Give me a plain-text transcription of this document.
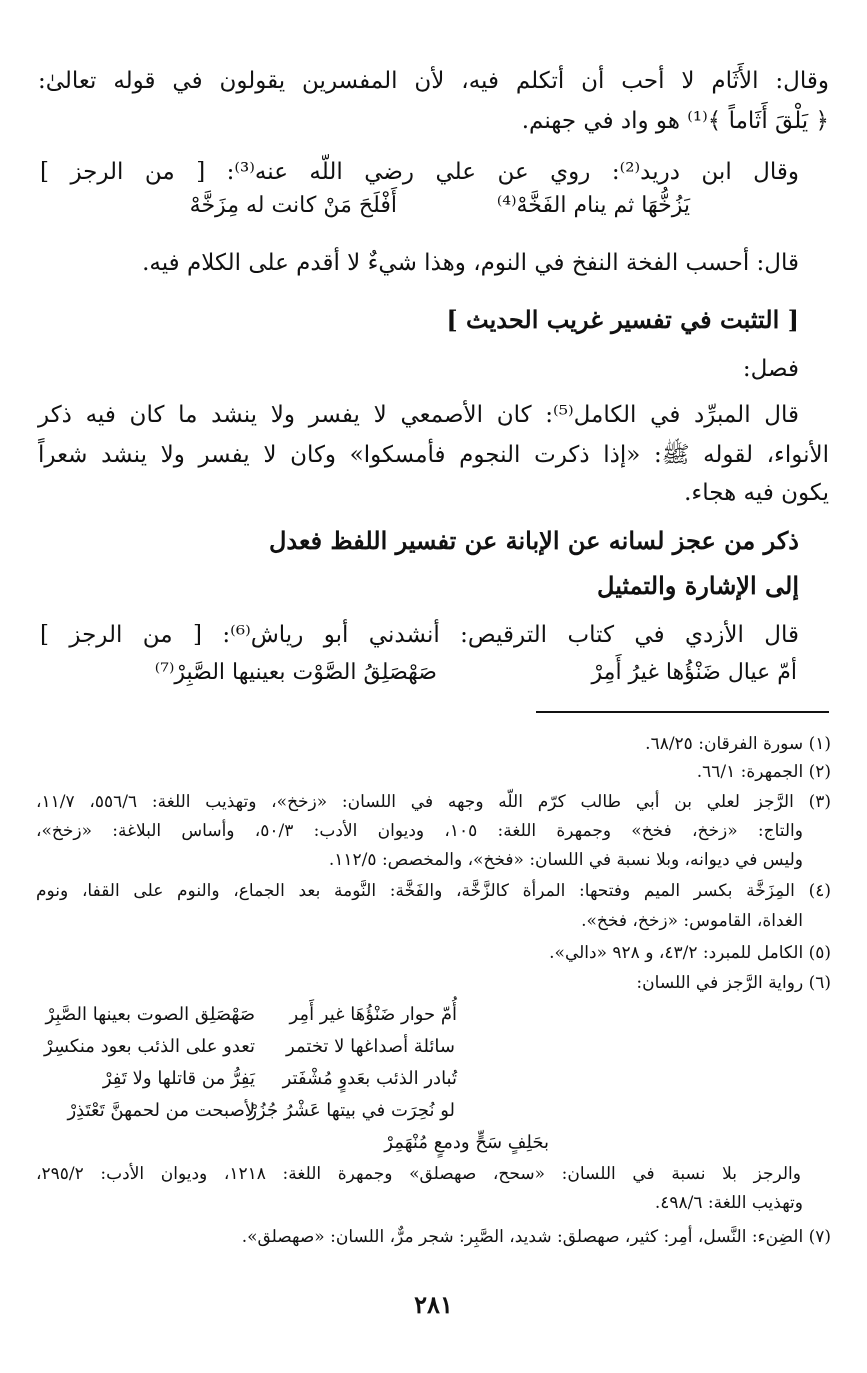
وقال: الأَثَام لا أحب أن أتكلم فيه، لأن المفسرين يقولون في قوله تعالىٰ:
﴿ يَلْقَ أَثَاماً ﴾⁽¹⁾ هو واد في جهنم.
وقال ابن دريد⁽²⁾: روي عن علي رضي اللّه عنه⁽³⁾: [ من الرجز ]
أَفْلَحَ مَنْ كانت له مِزَخَّهْ	يَزُخُّهَا ثم ينام الفَخَّهْ⁽⁴⁾
قال: أحسب الفخة النفخ في النوم، وهذا شيءٌ لا أقدم على الكلام فيه.
[ التثبت في تفسير غريب الحديث ]
فصل:
قال المبرِّد في الكامل⁽⁵⁾: كان الأصمعي لا يفسر ولا ينشد ما كان فيه ذكر
الأنواء، لقوله ﷺ: «إذا ذكرت النجوم فأمسكوا» وكان لا يفسر ولا ينشد شعراً
يكون فيه هجاء.
ذكر من عجز لسانه عن الإبانة عن تفسير اللفظ فعدل
إلى الإشارة والتمثيل
قال الأزدي في كتاب الترقيص: أنشدني أبو رياش⁽⁶⁾: [ من الرجز ]
أمّ عيال ضَنْؤُها غيرُ أَمِرْ
صَهْصَلِقُ الصَّوْت بعينيها الصَّبِرْ⁽⁷⁾
(١) سورة الفرقان: ٦٨/٢٥.
(٢) الجمهرة: ٦٦/١.
(٣) الرَّجز لعلي بن أبي طالب كرّم اللّه وجهه في اللسان: «زخخ»، وتهذيب اللغة: ٥٥٦/٦، ١١/٧،
والتاج: «زخخ، فخخ» وجمهرة اللغة: ١٠٥، وديوان الأدب: ٥٠/٣، وأساس البلاغة: «زخخ»،
وليس في ديوانه، وبلا نسبة في اللسان: «فخخ»، والمخصص: ١١٢/٥.
(٤) المِزَخَّة بكسر الميم وفتحها: المرأة كالزَّخَّة، والفَخَّة: النَّومة بعد الجماع، والنوم على القفا، ونوم
الغداة، القاموس: «زخخ، فخخ».
(٥) الكامل للمبرد: ٤٣/٢، و ٩٢٨ «دالي».
(٦) رواية الرَّجز في اللسان:
أُمّ حوار ضَنْؤُهَا غير أَمِر
صَهْصَلِق الصوت بعينها الصَّبِرْ
سائلة أصداغها لا تختمر
تعدو على الذئب بعود منكسِرْ
تُبادر الذئب بعَدوٍ مُشْفَتر
يَفِرُّ من قاتلها ولا تَفِرْ
لو نُحِرَت في بيتها عَشْرُ جُزُرْ
لأصبحت من لحمهنَّ تَعْتَذِرْ
بحَلِفٍ سَحٍّ ودمعٍ مُنْهَمِرْ
والرجز بلا نسبة في اللسان: «سحح، صهصلق» وجمهرة اللغة: ١٢١٨، وديوان الأدب: ٢٩٥/٢،
وتهذيب اللغة: ٤٩٨/٦.
(٧) الضِنء: النَّسل، أمِر: كثير، صهصلق: شديد، الصَّبِر: شجر مرٌّ، اللسان: «صهصلق».
٢٨١
